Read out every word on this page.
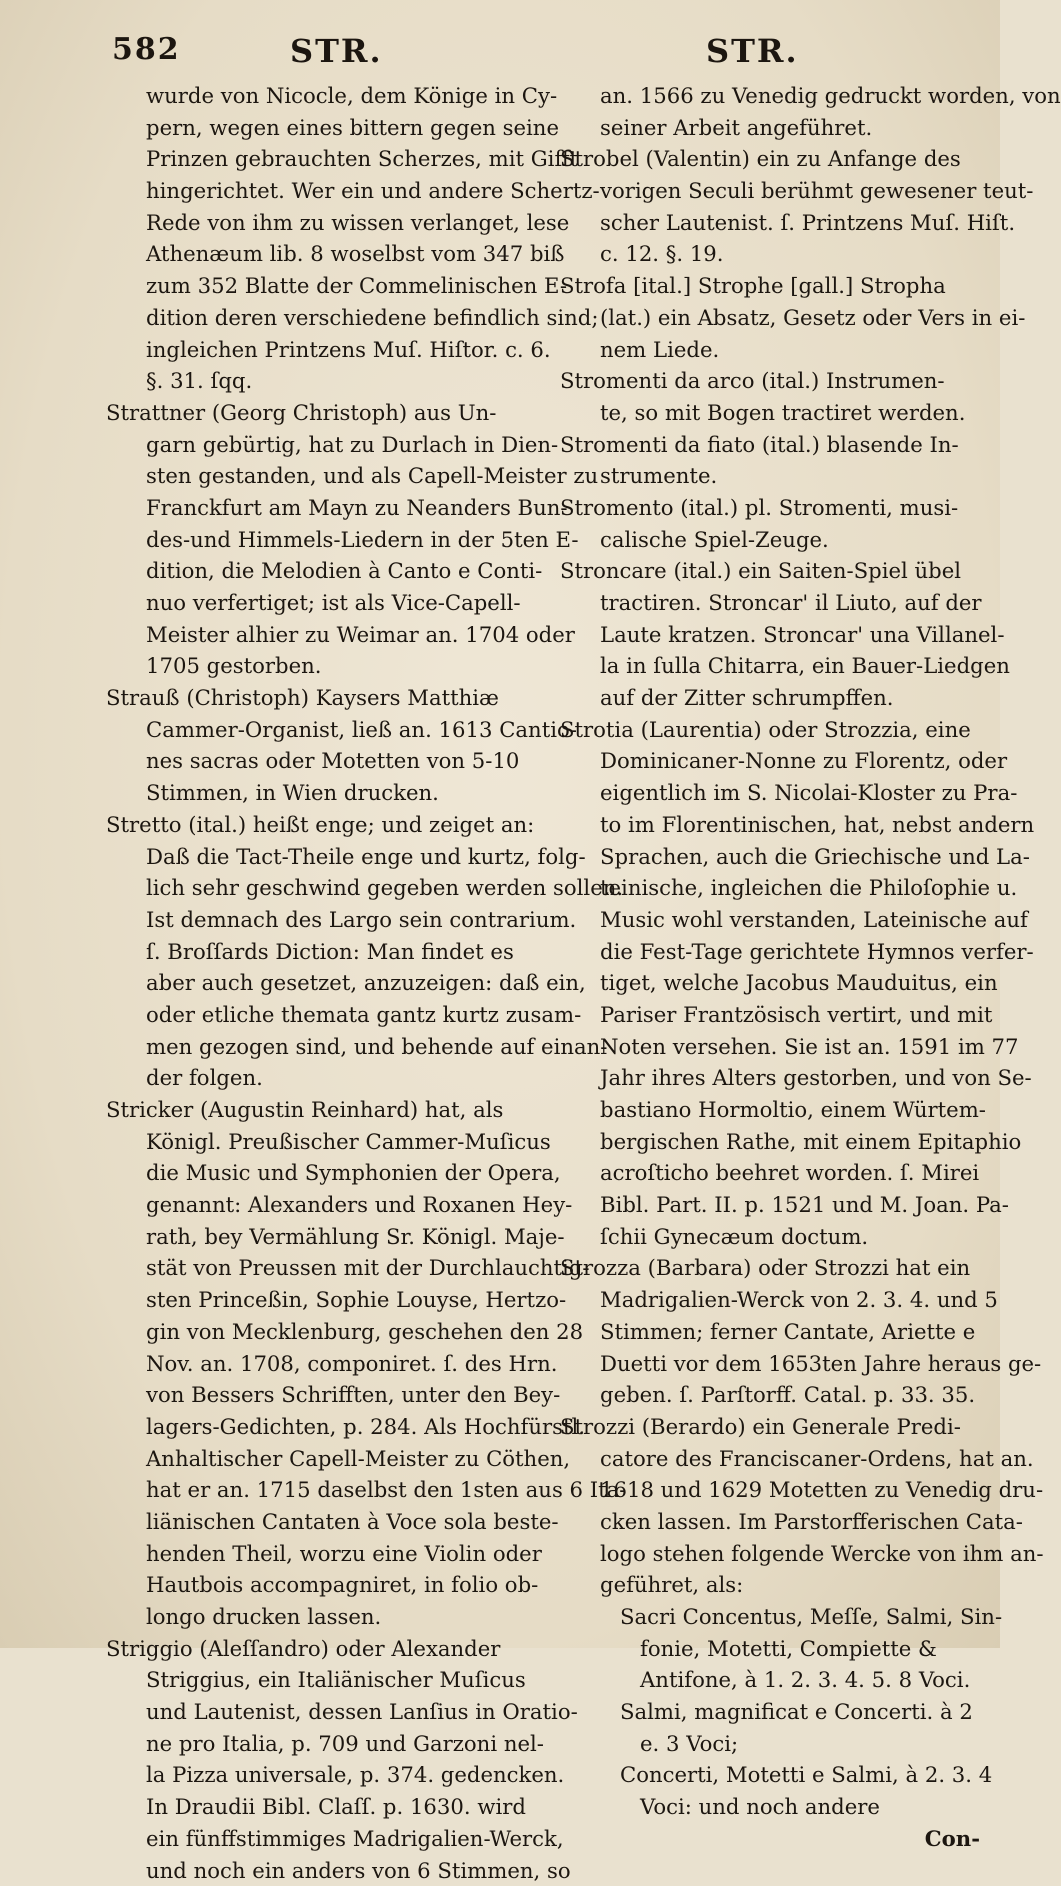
582	STR.	STR.
wurde von Nicocle, dem Könige in Cy-
pern, wegen eines bittern gegen seine
Prinzen gebrauchten Scherzes, mit Gifft
hingerichtet. Wer ein und andere Schertz-
Rede von ihm zu wissen verlanget, lese
Athenæum lib. 8 woselbst vom 347 biß
zum 352 Blatte der Commelinischen E-
dition deren verschiedene befindlich sind;
ingleichen Printzens Muſ. Hiſtor. c. 6.
§. 31. ſqq.
Strattner (Georg Christoph) aus Un-
garn gebürtig, hat zu Durlach in Dien-
sten gestanden, und als Capell-Meister zu
Franckfurt am Mayn zu Neanders Bun-
des-und Himmels-Liedern in der 5ten E-
dition, die Melodien à Canto e Conti-
nuo verfertiget; ist als Vice-Capell-
Meister alhier zu Weimar an. 1704 oder
1705 gestorben.
Strauß (Christoph) Kaysers Matthiæ
Cammer-Organist, ließ an. 1613 Cantio-
nes sacras oder Motetten von 5-10
Stimmen, in Wien drucken.
Stretto (ital.) heißt enge; und zeiget an:
Daß die Tact-Theile enge und kurtz, folg-
lich sehr geschwind gegeben werden sollen.
Ist demnach des Largo sein contrarium.
ſ. Broſſards Diction: Man findet es
aber auch gesetzet, anzuzeigen: daß ein,
oder etliche themata gantz kurtz zusam-
men gezogen sind, und behende auf einan-
der folgen.
Stricker (Augustin Reinhard) hat, als
Königl. Preußischer Cammer-Muſicus
die Music und Symphonien der Opera,
genannt: Alexanders und Roxanen Hey-
rath, bey Vermählung Sr. Königl. Maje-
stät von Preussen mit der Durchlauchtig-
sten Princeßin, Sophie Louyse, Hertzo-
gin von Mecklenburg, geschehen den 28
Nov. an. 1708, componiret. ſ. des Hrn.
von Bessers Schrifften, unter den Bey-
lagers-Gedichten, p. 284. Als Hochfürstl.
Anhaltischer Capell-Meister zu Cöthen,
hat er an. 1715 daselbst den 1sten aus 6 Ita-
liänischen Cantaten à Voce sola beste-
henden Theil, worzu eine Violin oder
Hautbois accompagniret, in folio ob-
longo drucken lassen.
Striggio (Aleſſandro) oder Alexander
Striggius, ein Italiänischer Muſicus
und Lautenist, dessen Lanſius in Oratio-
ne pro Italia, p. 709 und Garzoni nel-
la Pizza universale, p. 374. gedencken.
In Draudii Bibl. Claſſ. p. 1630. wird
ein fünffstimmiges Madrigalien-Werck,
und noch ein anders von 6 Stimmen, so
an. 1566 zu Venedig gedruckt worden, von
seiner Arbeit angeführet.
Strobel (Valentin) ein zu Anfange des
vorigen Seculi berühmt gewesener teut-
scher Lautenist. ſ. Printzens Muſ. Hiſt.
c. 12. §. 19.
Strofa [ital.] Strophe [gall.] Stropha
(lat.) ein Absatz, Gesetz oder Vers in ei-
nem Liede.
Stromenti da arco (ital.) Instrumen-
te, so mit Bogen tractiret werden.
Stromenti da fiato (ital.) blasende In-
strumente.
Stromento (ital.) pl. Stromenti, musi-
calische Spiel-Zeuge.
Stroncare (ital.) ein Saiten-Spiel übel
tractiren. Stroncar' il Liuto, auf der
Laute kratzen. Stroncar' una Villanel-
la in ſulla Chitarra, ein Bauer-Liedgen
auf der Zitter schrumpffen.
Strotia (Laurentia) oder Strozzia, eine
Dominicaner-Nonne zu Florentz, oder
eigentlich im S. Nicolai-Kloster zu Pra-
to im Florentinischen, hat, nebst andern
Sprachen, auch die Griechische und La-
teinische, ingleichen die Philoſophie u.
Music wohl verstanden, Lateinische auf
die Fest-Tage gerichtete Hymnos verfer-
tiget, welche Jacobus Mauduitus, ein
Pariser Frantzösisch vertirt, und mit
Noten versehen. Sie ist an. 1591 im 77
Jahr ihres Alters gestorben, und von Se-
bastiano Hormoltio, einem Würtem-
bergischen Rathe, mit einem Epitaphio
acroſticho beehret worden. ſ. Mirei
Bibl. Part. II. p. 1521 und M. Joan. Pa-
ſchii Gynecæum doctum.
Strozza (Barbara) oder Strozzi hat ein
Madrigalien-Werck von 2. 3. 4. und 5
Stimmen; ferner Cantate, Ariette e
Duetti vor dem 1653ten Jahre heraus ge-
geben. ſ. Parſtorff. Catal. p. 33. 35.
Strozzi (Berardo) ein Generale Predi-
catore des Franciscaner-Ordens, hat an.
1618 und 1629 Motetten zu Venedig dru-
cken lassen. Im Parstorfferischen Cata-
logo stehen folgende Wercke von ihm an-
geführet, als:
Sacri Concentus, Meſſe, Salmi, Sin-
fonie, Motetti, Compiette &
Antifone, à 1. 2. 3. 4. 5. 8 Voci.
Salmi, magnificat e Concerti. à 2
e. 3 Voci;
Concerti, Motetti e Salmi, à 2. 3. 4
Voci: und noch andere
Con-
